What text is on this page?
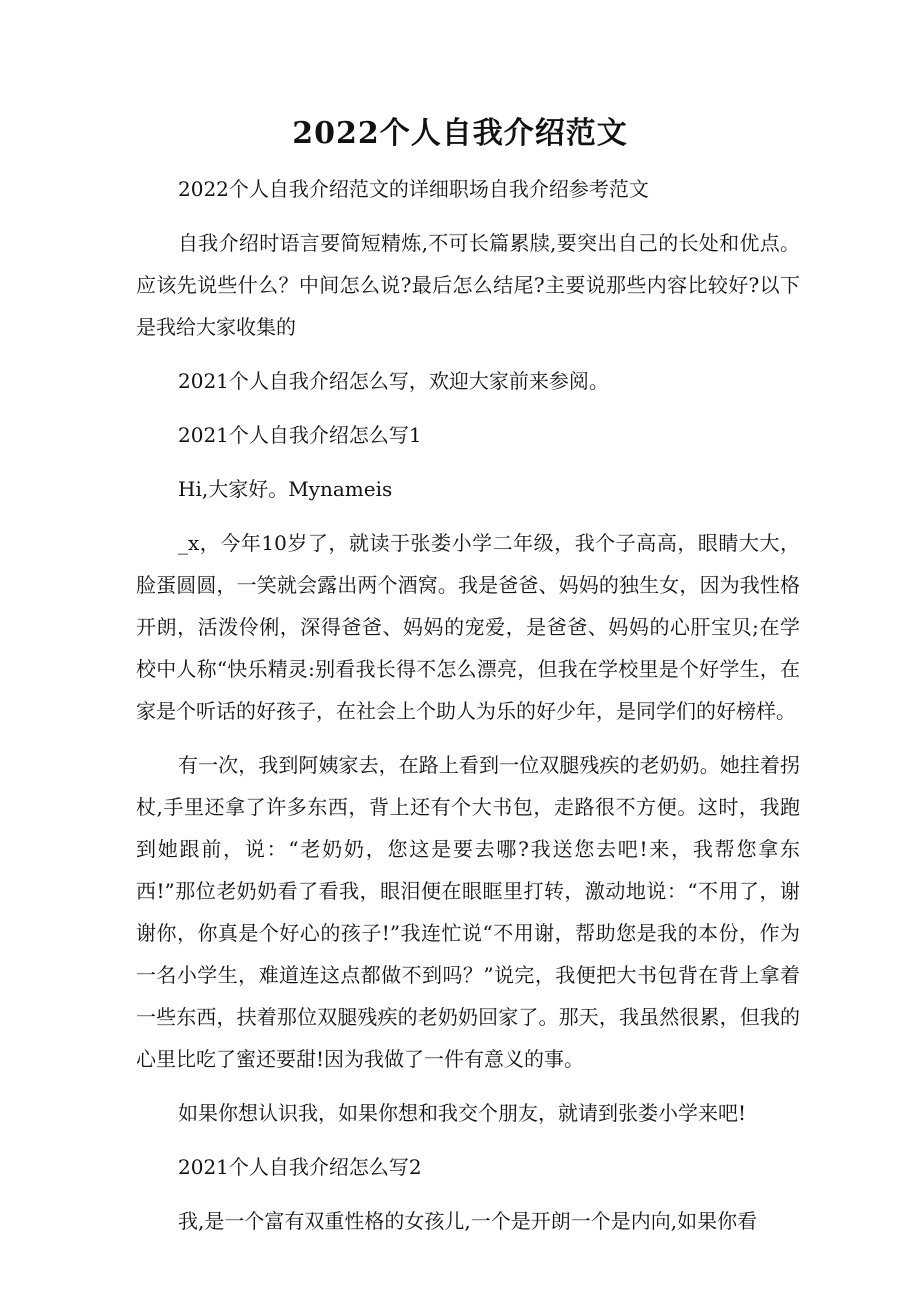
2022个人自我介绍范文

2022个人自我介绍范文的详细职场自我介绍参考范文

自我介绍时语言要简短精炼,不可长篇累牍,要突出自己的长处和优点。应该先说些什么？中间怎么说?最后怎么结尾?主要说那些内容比较好?以下是我给大家收集的

2021个人自我介绍怎么写，欢迎大家前来参阅。

2021个人自我介绍怎么写1

Hi,大家好。Mynameis

_x，今年10岁了，就读于张娄小学二年级，我个子高高，眼睛大大，脸蛋圆圆，一笑就会露出两个酒窝。我是爸爸、妈妈的独生女，因为我性格开朗，活泼伶俐，深得爸爸、妈妈的宠爱，是爸爸、妈妈的心肝宝贝;在学校中人称“快乐精灵:别看我长得不怎么漂亮，但我在学校里是个好学生，在家是个听话的好孩子，在社会上个助人为乐的好少年，是同学们的好榜样。

有一次，我到阿姨家去，在路上看到一位双腿残疾的老奶奶。她拄着拐杖,手里还拿了许多东西，背上还有个大书包，走路很不方便。这时，我跑到她跟前，说：“老奶奶，您这是要去哪?我送您去吧!来，我帮您拿东西!”那位老奶奶看了看我，眼泪便在眼眶里打转，激动地说：“不用了，谢谢你，你真是个好心的孩子!”我连忙说“不用谢，帮助您是我的本份，作为一名小学生，难道连这点都做不到吗？”说完，我便把大书包背在背上拿着一些东西，扶着那位双腿残疾的老奶奶回家了。那天，我虽然很累，但我的心里比吃了蜜还要甜!因为我做了一件有意义的事。

如果你想认识我，如果你想和我交个朋友，就请到张娄小学来吧!

2021个人自我介绍怎么写2

我,是一个富有双重性格的女孩儿,一个是开朗一个是内向,如果你看
